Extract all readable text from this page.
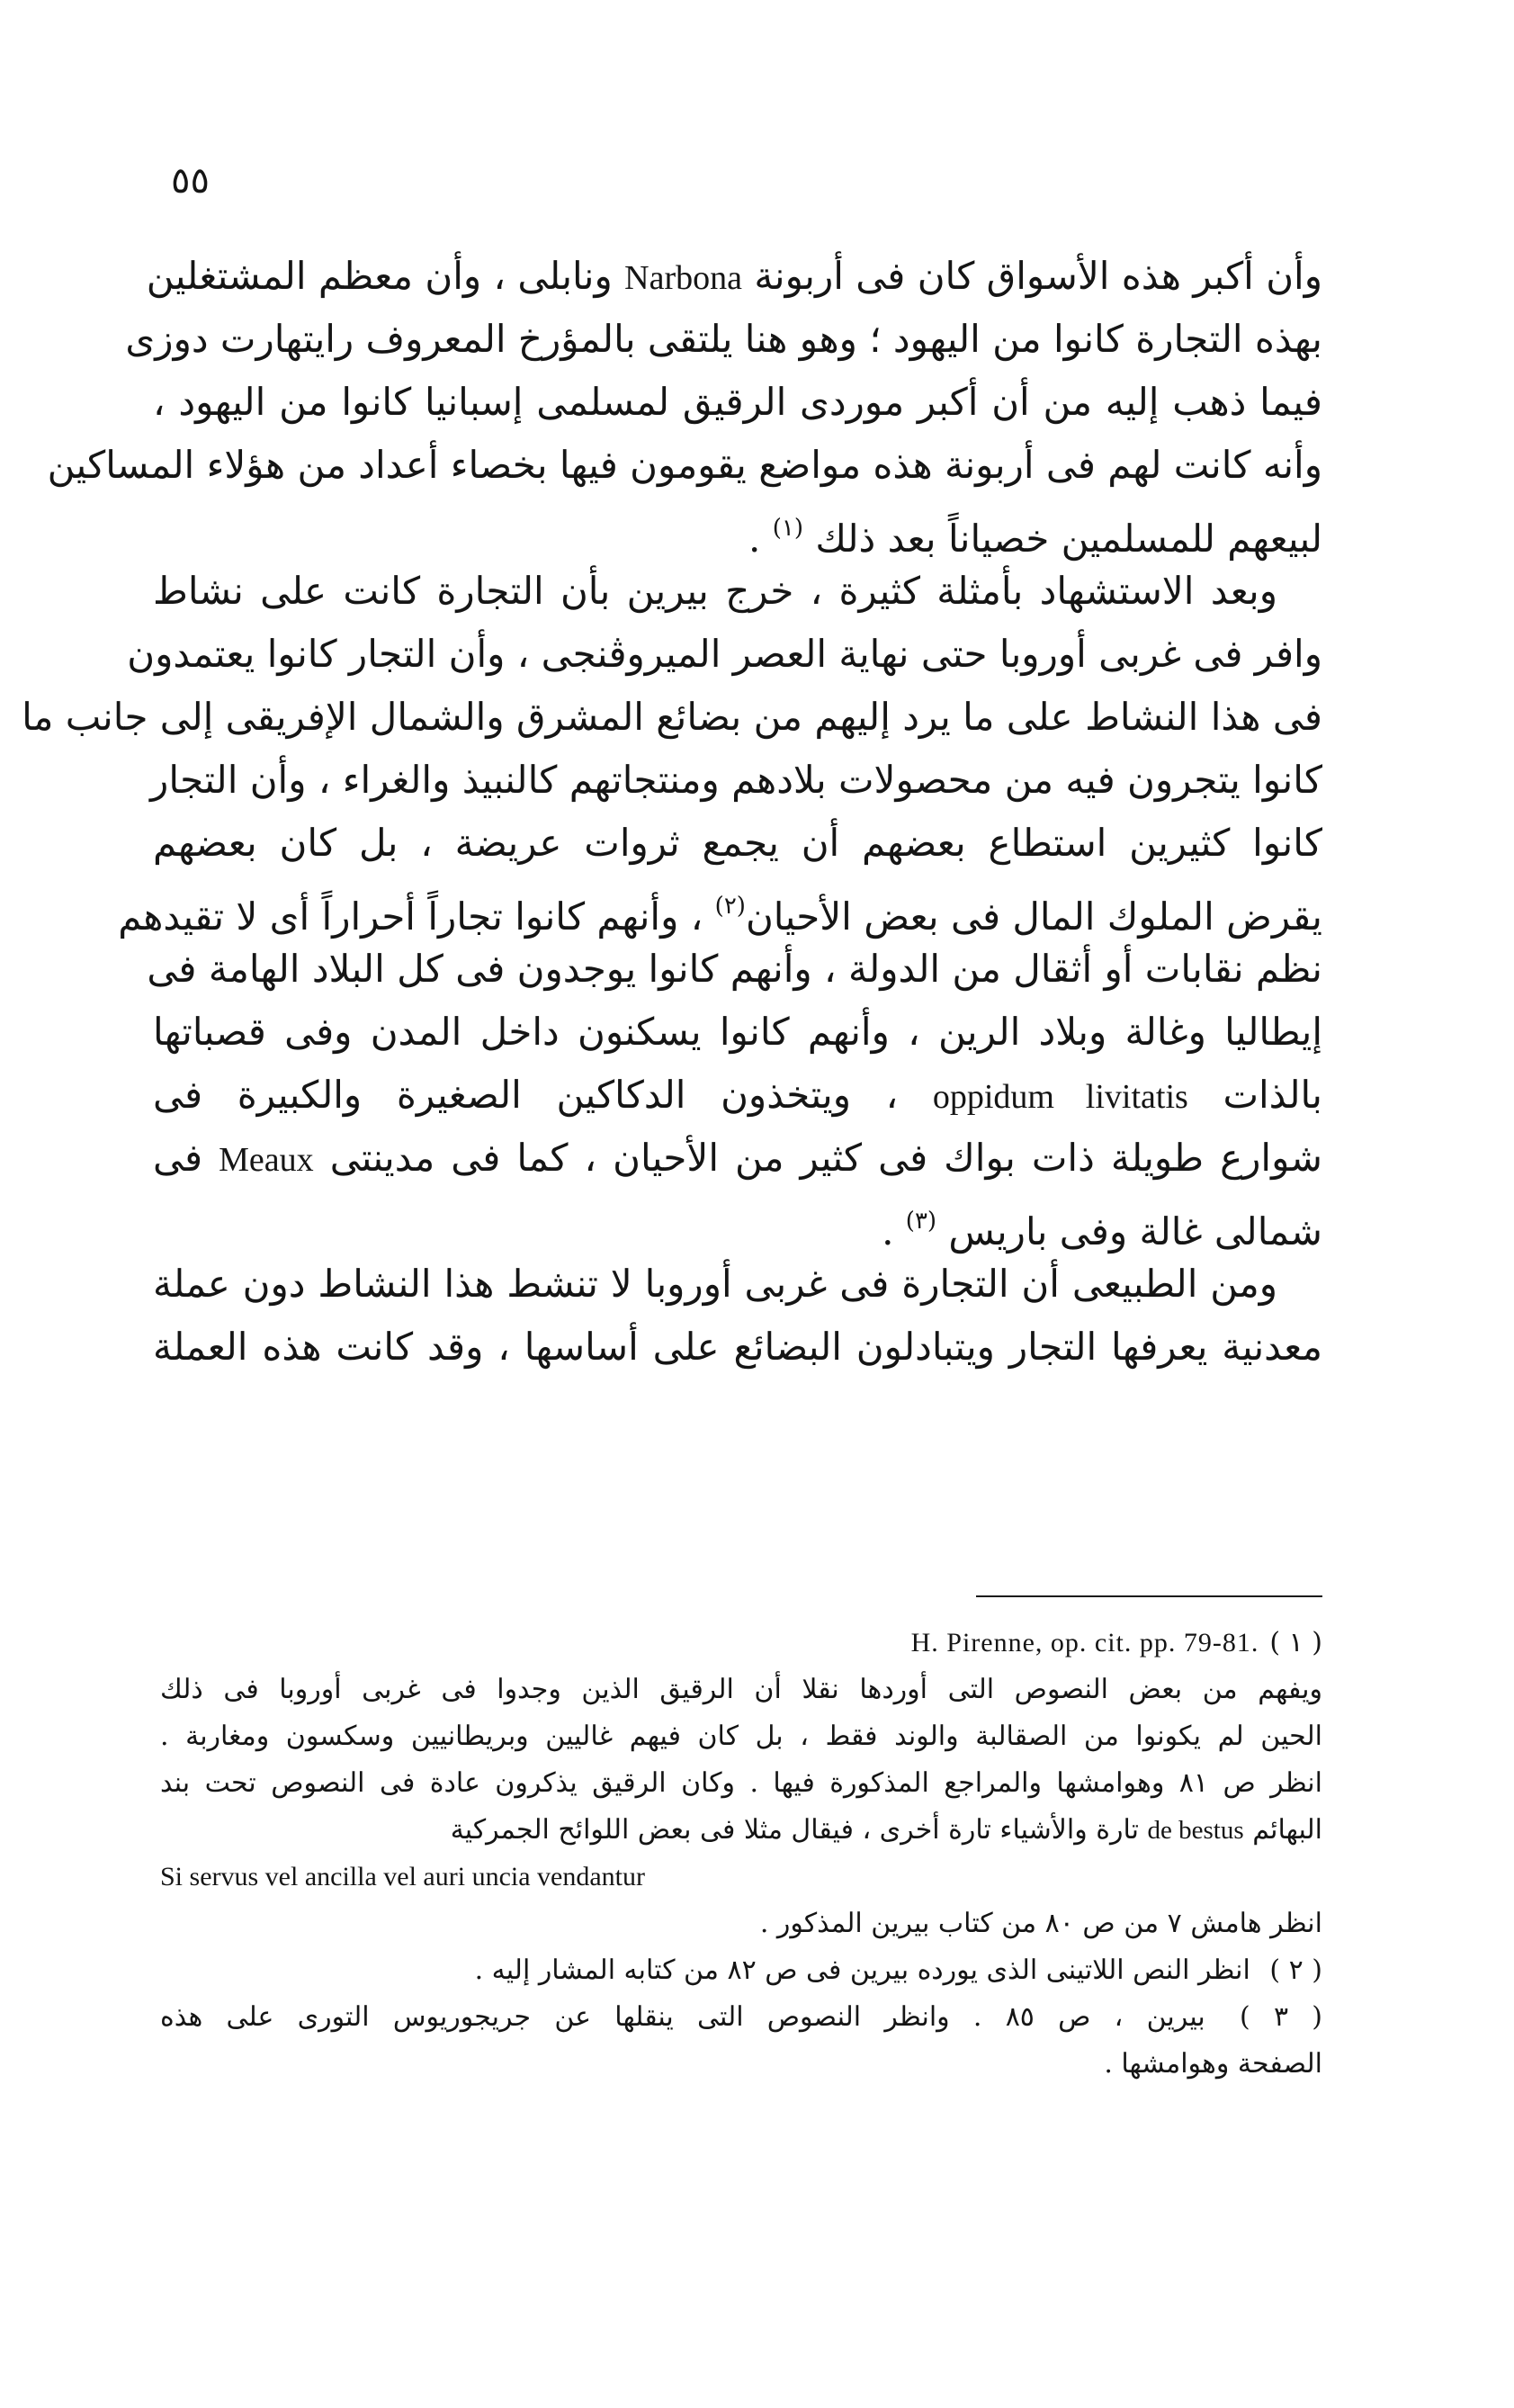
٥٥

وأن أكبر هذه الأسواق كان فى أربونة Narbona ونابلى ، وأن معظم المشتغلين
بهذه التجارة كانوا من اليهود ؛ وهو هنا يلتقى بالمؤرخ المعروف رايتهارت دوزى
فيما ذهب إليه من أن أكبر موردى الرقيق لمسلمى إسبانيا كانوا من اليهود ،
وأنه كانت لهم فى أربونة هذه مواضع يقومون فيها بخصاء أعداد من هؤلاء المساكين
لبيعهم للمسلمين خصياناً بعد ذلك $^{(١)}$ .

وبعد الاستشهاد بأمثلة كثيرة ، خرج بيرين بأن التجارة كانت على نشاط
وافر فى غربى أوروبا حتى نهاية العصر الميروڤنجى ، وأن التجار كانوا يعتمدون
فى هذا النشاط على ما يرد إليهم من بضائع المشرق والشمال الإفريقى إلى جانب ما
كانوا يتجرون فيه من محصولات بلادهم ومنتجاتهم كالنبيذ والغراء ، وأن التجار
كانوا كثيرين استطاع بعضهم أن يجمع ثروات عريضة ، بل كان بعضهم
يقرض الملوك المال فى بعض الأحيان$^{(٢)}$ ، وأنهم كانوا تجاراً أحراراً أى لا تقيدهم
نظم نقابات أو أثقال من الدولة ، وأنهم كانوا يوجدون فى كل البلاد الهامة فى
إيطاليا وغالة وبلاد الرين ، وأنهم كانوا يسكنون داخل المدن وفى قصباتها
بالذات oppidum livitatis ، ويتخذون الدكاكين الصغيرة والكبيرة فى
شوارع طويلة ذات بواك فى كثير من الأحيان ، كما فى مدينتى Meaux فى
شمالى غالة وفى باريس $^{(٣)}$ .

ومن الطبيعى أن التجارة فى غربى أوروبا لا تنشط هذا النشاط دون عملة
معدنية يعرفها التجار ويتبادلون البضائع على أساسها ، وقد كانت هذه العملة

( ١ )H. Pirenne, op. cit. pp. 79-81.
ويفهم من بعض النصوص التى أوردها نقلا أن الرقيق الذين وجدوا فى غربى أوروبا فى ذلك
الحين لم يكونوا من الصقالبة والوند فقط ، بل كان فيهم غاليين وبريطانيين وسكسون ومغاربة .
انظر ص ٨١ وهوامشها والمراجع المذكورة فيها . وكان الرقيق يذكرون عادة فى النصوص تحت بند
البهائم de bestus تارة والأشياء تارة أخرى ، فيقال مثلا فى بعض اللوائح الجمركية
Si servus vel ancilla vel auri uncia vendantur
انظر هامش ٧ من ص ٨٠ من كتاب بيرين المذكور .
( ٢ ) انظر النص اللاتينى الذى يورده بيرين فى ص ٨٢ من كتابه المشار إليه .
( ٣ ) بيرين ، ص ٨٥ . وانظر النصوص التى ينقلها عن جريجوريوس التورى على هذه
الصفحة وهوامشها .
